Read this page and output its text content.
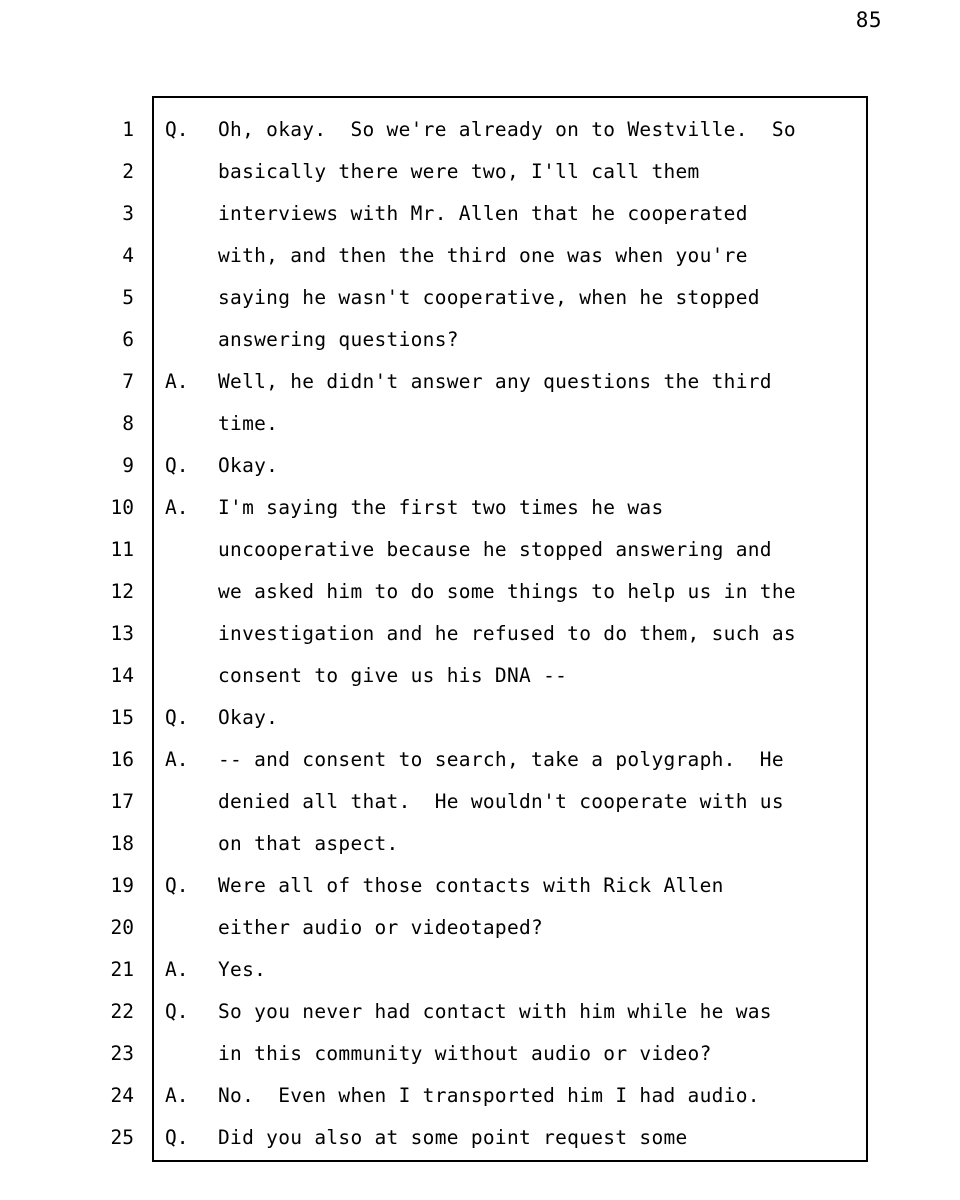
85
1 Q. Oh, okay.  So we're already on to Westville.  So
2	basically there were two, I'll call them
3	interviews with Mr. Allen that he cooperated
4	with, and then the third one was when you're
5	saying he wasn't cooperative, when he stopped
6	answering questions?
7 A. Well, he didn't answer any questions the third
8	time.
9 Q. Okay.
10 A. I'm saying the first two times he was
11	uncooperative because he stopped answering and
12	we asked him to do some things to help us in the
13	investigation and he refused to do them, such as
14	consent to give us his DNA --
15 Q. Okay.
16 A. -- and consent to search, take a polygraph.  He
17	denied all that.  He wouldn't cooperate with us
18	on that aspect.
19 Q. Were all of those contacts with Rick Allen
20	either audio or videotaped?
21 A. Yes.
22 Q. So you never had contact with him while he was
23	in this community without audio or video?
24 A. No.  Even when I transported him I had audio.
25 Q. Did you also at some point request some
